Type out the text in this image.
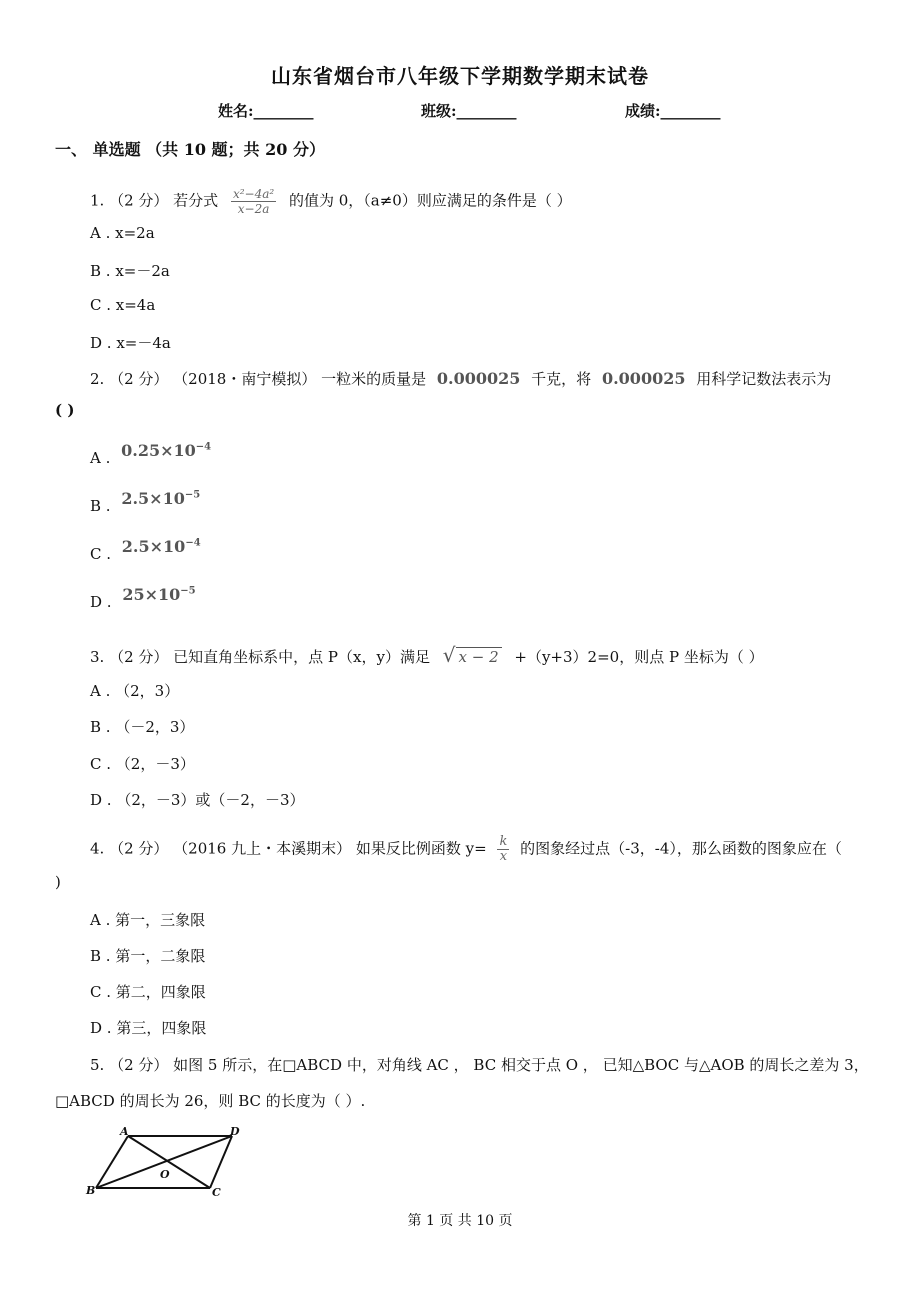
山东省烟台市八年级下学期数学期末试卷
姓名:________	班级:________	成绩:________
一、 单选题 （共 10 题；共 20 分）
1. （2 分） 若分式 $\frac{\text{x²−4a²}}{x-2a}$ 的值为 0，（a≠0）则应满足的条件是（ ）
A . x=2a
B . x=－2a
C . x=4a
D . x=－4a
2. （2 分） （2018・南宁模拟） 一粒米的质量是 0.000025 千克，将 0.000025 用科学记数法表示为
( )
A . $0.25\times 10^{-4}$
B . $2.5\times 10^{-5}$
C . $2.5\times 10^{-4}$
D . $25\times 10^{-5}$
3. （2 分） 已知直角坐标系中，点 P（x，y）满足 √ x − 2 +（y+3）2=0，则点 P 坐标为（ ）
A . （2，3）
B . （－2，3）
C . （2，－3）
D . （2，－3）或（－2，－3）
4. （2 分） （2016 九上・本溪期末） 如果反比例函数 $y= \frac{k}{x}$ 的图象经过点（-3，-4），那么函数的图象应在（
)
A . 第一，三象限
B . 第一，二象限
C . 第二，四象限
D . 第三，四象限
5. （2 分） 如图 5 所示，在□ABCD 中，对角线 AC ， BC 相交于点 O ， 已知△BOC 与△AOB 的周长之差为 3，
□ABCD 的周长为 26，则 BC 的长度为（ ）.
A	D
O
B	C
第 1 页 共 10 页
